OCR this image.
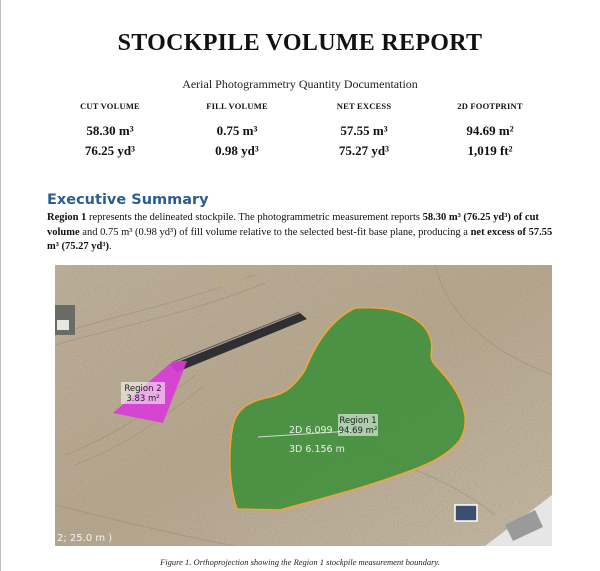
STOCKPILE VOLUME REPORT
Aerial Photogrammetry Quantity Documentation
CUT VOLUME
58.30 m³
76.25 yd³
FILL VOLUME
0.75 m³
0.98 yd³
NET EXCESS
57.55 m³
75.27 yd³
2D FOOTPRINT
94.69 m²
1,019 ft²
Executive Summary
Region 1 represents the delineated stockpile. The photogrammetric measurement reports 58.30 m³ (76.25 yd³) of cut volume and 0.75 m³ (0.98 yd³) of fill volume relative to the selected best-fit base plane, producing a net excess of 57.55 m³ (75.27 yd³).
Region 2
3.83 m²
2D 6.099
3D 6.156 m
Region 1
94.69 m²
2; 25.0 m )
Figure 1. Orthoprojection showing the Region 1 stockpile measurement boundary.
